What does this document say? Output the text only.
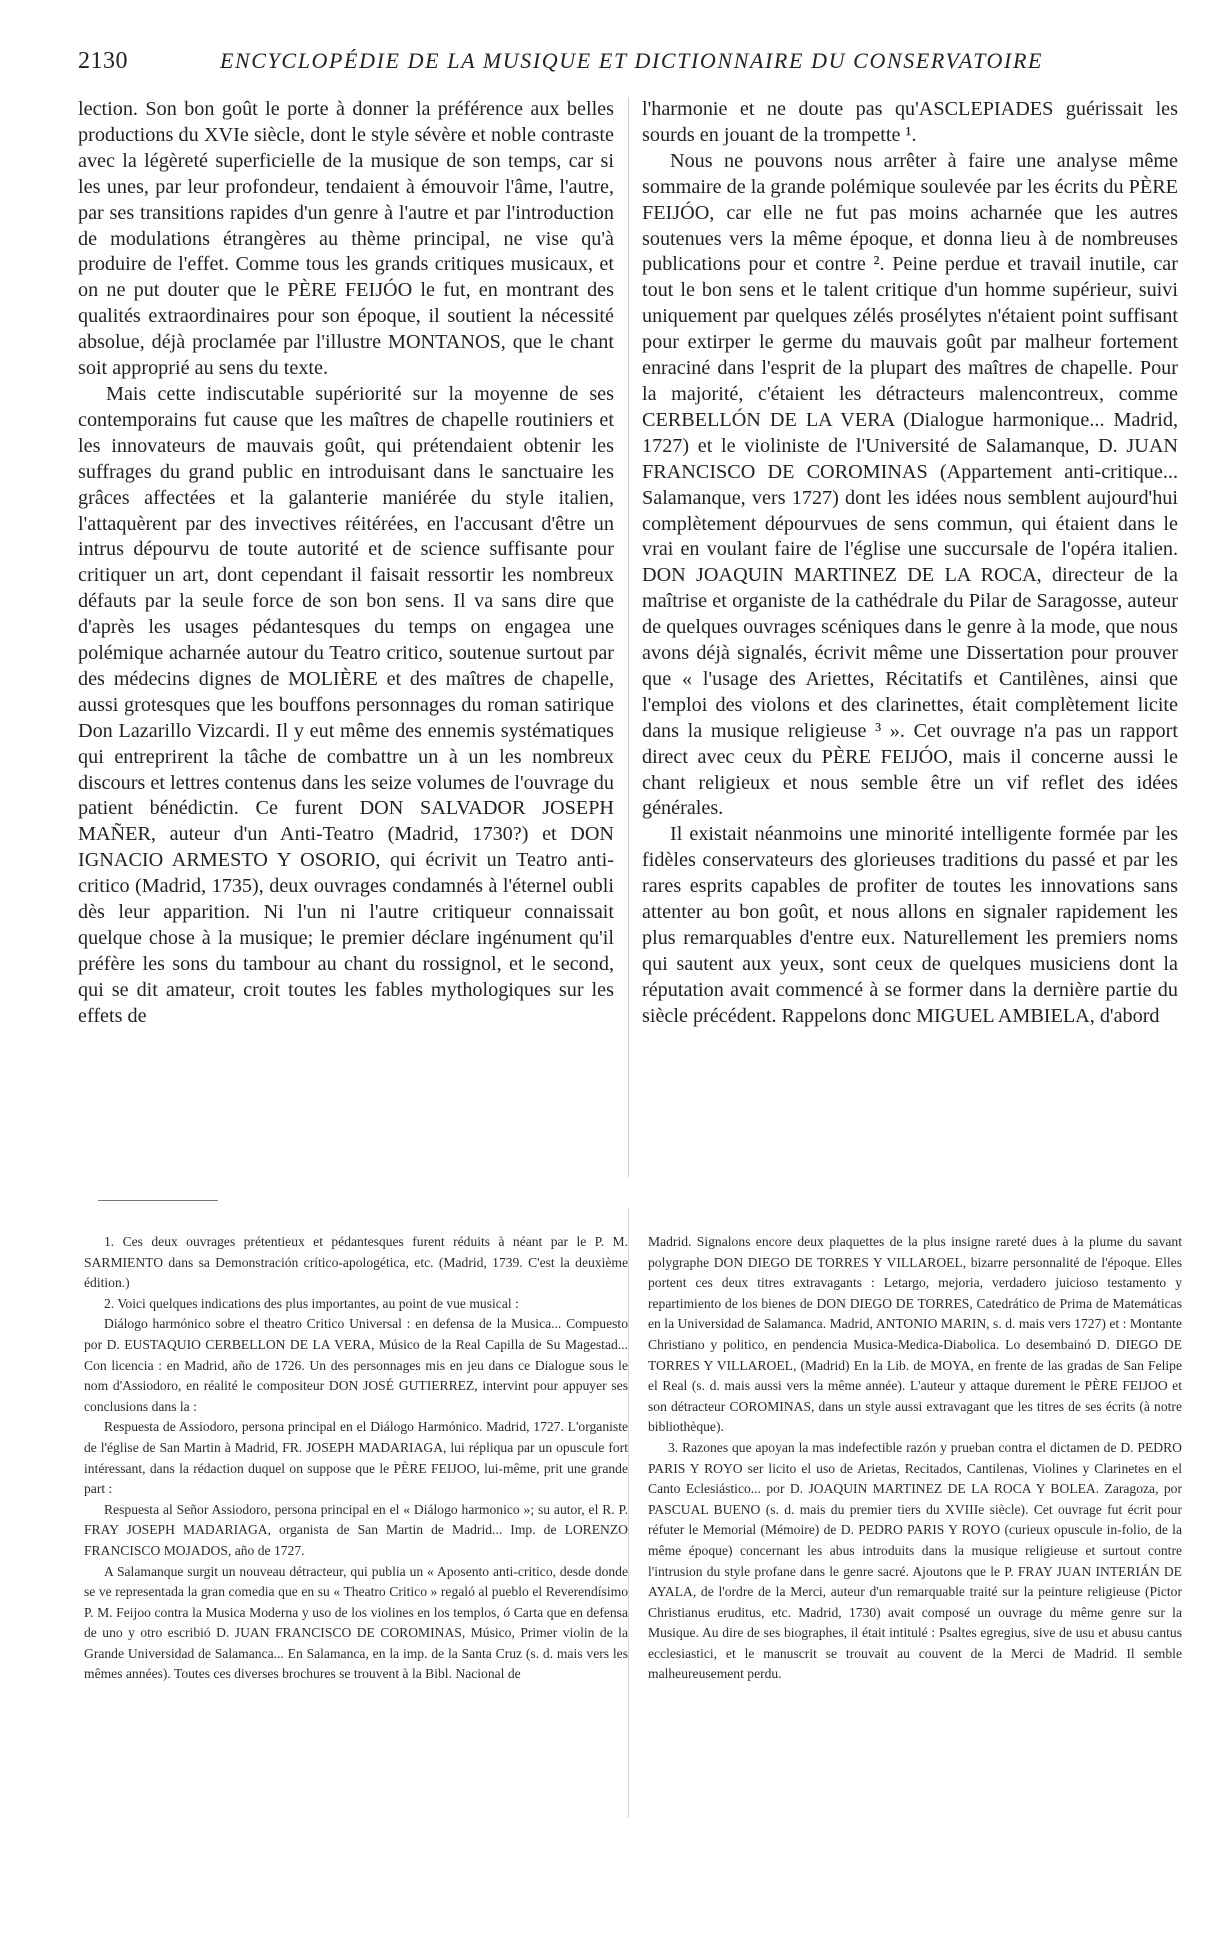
2130	ENCYCLOPÉDIE DE LA MUSIQUE ET DICTIONNAIRE DU CONSERVATOIRE

lection. Son bon goût le porte à donner la préférence aux belles productions du XVIe siècle, dont le style sévère et noble contraste avec la légèreté superficielle de la musique de son temps, car si les unes, par leur profondeur, tendaient à émouvoir l'âme, l'autre, par ses transitions rapides d'un genre à l'autre et par l'introduction de modulations étrangères au thème principal, ne vise qu'à produire de l'effet. Comme tous les grands critiques musicaux, et on ne put douter que le PÈRE FEIJÓO le fut, en montrant des qualités extraordinaires pour son époque, il soutient la nécessité absolue, déjà proclamée par l'illustre MONTANOS, que le chant soit approprié au sens du texte.

Mais cette indiscutable supériorité sur la moyenne de ses contemporains fut cause que les maîtres de chapelle routiniers et les innovateurs de mauvais goût, qui prétendaient obtenir les suffrages du grand public en introduisant dans le sanctuaire les grâces affectées et la galanterie maniérée du style italien, l'attaquèrent par des invectives réitérées, en l'accusant d'être un intrus dépourvu de toute autorité et de science suffisante pour critiquer un art, dont cependant il faisait ressortir les nombreux défauts par la seule force de son bon sens. Il va sans dire que d'après les usages pédantesques du temps on engagea une polémique acharnée autour du Teatro critico, soutenue surtout par des médecins dignes de MOLIÈRE et des maîtres de chapelle, aussi grotesques que les bouffons personnages du roman satirique Don Lazarillo Vizcardi. Il y eut même des ennemis systématiques qui entreprirent la tâche de combattre un à un les nombreux discours et lettres contenus dans les seize volumes de l'ouvrage du patient bénédictin. Ce furent DON SALVADOR JOSEPH MAÑER, auteur d'un Anti-Teatro (Madrid, 1730?) et DON IGNACIO ARMESTO Y OSORIO, qui écrivit un Teatro anti-critico (Madrid, 1735), deux ouvrages condamnés à l'éternel oubli dès leur apparition. Ni l'un ni l'autre critiqueur connaissait quelque chose à la musique; le premier déclare ingénument qu'il préfère les sons du tambour au chant du rossignol, et le second, qui se dit amateur, croit toutes les fables mythologiques sur les effets de

l'harmonie et ne doute pas qu'ASCLEPIADES guérissait les sourds en jouant de la trompette ¹.

Nous ne pouvons nous arrêter à faire une analyse même sommaire de la grande polémique soulevée par les écrits du PÈRE FEIJÓO, car elle ne fut pas moins acharnée que les autres soutenues vers la même époque, et donna lieu à de nombreuses publications pour et contre ². Peine perdue et travail inutile, car tout le bon sens et le talent critique d'un homme supérieur, suivi uniquement par quelques zélés prosélytes n'étaient point suffisant pour extirper le germe du mauvais goût par malheur fortement enraciné dans l'esprit de la plupart des maîtres de chapelle. Pour la majorité, c'étaient les détracteurs malencontreux, comme CERBELLÓN DE LA VERA (Dialogue harmonique... Madrid, 1727) et le violiniste de l'Université de Salamanque, D. JUAN FRANCISCO DE COROMINAS (Appartement anti-critique... Salamanque, vers 1727) dont les idées nous semblent aujourd'hui complètement dépourvues de sens commun, qui étaient dans le vrai en voulant faire de l'église une succursale de l'opéra italien. DON JOAQUIN MARTINEZ DE LA ROCA, directeur de la maîtrise et organiste de la cathédrale du Pilar de Saragosse, auteur de quelques ouvrages scéniques dans le genre à la mode, que nous avons déjà signalés, écrivit même une Dissertation pour prouver que « l'usage des Ariettes, Récitatifs et Cantilènes, ainsi que l'emploi des violons et des clarinettes, était complètement licite dans la musique religieuse ³ ». Cet ouvrage n'a pas un rapport direct avec ceux du PÈRE FEIJÓO, mais il concerne aussi le chant religieux et nous semble être un vif reflet des idées générales.

Il existait néanmoins une minorité intelligente formée par les fidèles conservateurs des glorieuses traditions du passé et par les rares esprits capables de profiter de toutes les innovations sans attenter au bon goût, et nous allons en signaler rapidement les plus remarquables d'entre eux. Naturellement les premiers noms qui sautent aux yeux, sont ceux de quelques musiciens dont la réputation avait commencé à se former dans la dernière partie du siècle précédent. Rappelons donc MIGUEL AMBIELA, d'abord

1. Ces deux ouvrages prétentieux et pédantesques furent réduits à néant par le P. M. SARMIENTO dans sa Demonstración crítico-apologética, etc. (Madrid, 1739. C'est la deuxième édition.)

2. Voici quelques indications des plus importantes, au point de vue musical :

Diálogo harmónico sobre el theatro Critico Universal : en defensa de la Musica... Compuesto por D. EUSTAQUIO CERBELLON DE LA VERA, Músico de la Real Capilla de Su Magestad... Con licencia : en Madrid, año de 1726. Un des personnages mis en jeu dans ce Dialogue sous le nom d'Assiodoro, en réalité le compositeur DON JOSÉ GUTIERREZ, intervint pour appuyer ses conclusions dans la :

Respuesta de Assiodoro, persona principal en el Diálogo Harmónico. Madrid, 1727. L'organiste de l'église de San Martin à Madrid, FR. JOSEPH MADARIAGA, lui répliqua par un opuscule fort intéressant, dans la rédaction duquel on suppose que le PÈRE FEIJOO, lui-même, prit une grande part :

Respuesta al Señor Assiodoro, persona principal en el « Diálogo harmonico »; su autor, el R. P. FRAY JOSEPH MADARIAGA, organista de San Martin de Madrid... Imp. de LORENZO FRANCISCO MOJADOS, año de 1727.

A Salamanque surgit un nouveau détracteur, qui publia un « Aposento anti-critico, desde donde se ve representada la gran comedia que en su « Theatro Critico » regaló al pueblo el Reverendísimo P. M. Feijoo contra la Musica Moderna y uso de los violines en los templos, ó Carta que en defensa de uno y otro escribió D. JUAN FRANCISCO DE COROMINAS, Músico, Primer violin de la Grande Universidad de Salamanca... En Salamanca, en la imp. de la Santa Cruz (s. d. mais vers les mêmes années). Toutes ces diverses brochures se trouvent à la Bibl. Nacional de

Madrid. Signalons encore deux plaquettes de la plus insigne rareté dues à la plume du savant polygraphe DON DIEGO DE TORRES Y VILLAROEL, bizarre personnalité de l'époque. Elles portent ces deux titres extravagants : Letargo, mejoria, verdadero juicioso testamento y repartimiento de los bienes de DON DIEGO DE TORRES, Catedrático de Prima de Matemáticas en la Universidad de Salamanca. Madrid, ANTONIO MARIN, s. d. mais vers 1727) et : Montante Christiano y politico, en pendencia Musica-Medica-Diabolica. Lo desembainó D. DIEGO DE TORRES Y VILLAROEL, (Madrid) En la Lib. de MOYA, en frente de las gradas de San Felipe el Real (s. d. mais aussi vers la même année). L'auteur y attaque durement le PÈRE FEIJOO et son détracteur COROMINAS, dans un style aussi extravagant que les titres de ses écrits (à notre bibliothèque).

3. Razones que apoyan la mas indefectible razón y prueban contra el dictamen de D. PEDRO PARIS Y ROYO ser licito el uso de Arietas, Recitados, Cantilenas, Violines y Clarinetes en el Canto Eclesiástico... por D. JOAQUIN MARTINEZ DE LA ROCA Y BOLEA. Zaragoza, por PASCUAL BUENO (s. d. mais du premier tiers du XVIIIe siècle). Cet ouvrage fut écrit pour réfuter le Memorial (Mémoire) de D. PEDRO PARIS Y ROYO (curieux opuscule in-folio, de la même époque) concernant les abus introduits dans la musique religieuse et surtout contre l'intrusion du style profane dans le genre sacré. Ajoutons que le P. FRAY JUAN INTERIÁN DE AYALA, de l'ordre de la Merci, auteur d'un remarquable traité sur la peinture religieuse (Pictor Christianus eruditus, etc. Madrid, 1730) avait composé un ouvrage du même genre sur la Musique. Au dire de ses biographes, il était intitulé : Psaltes egregius, sive de usu et abusu cantus ecclesiastici, et le manuscrit se trouvait au couvent de la Merci de Madrid. Il semble malheureusement perdu.
